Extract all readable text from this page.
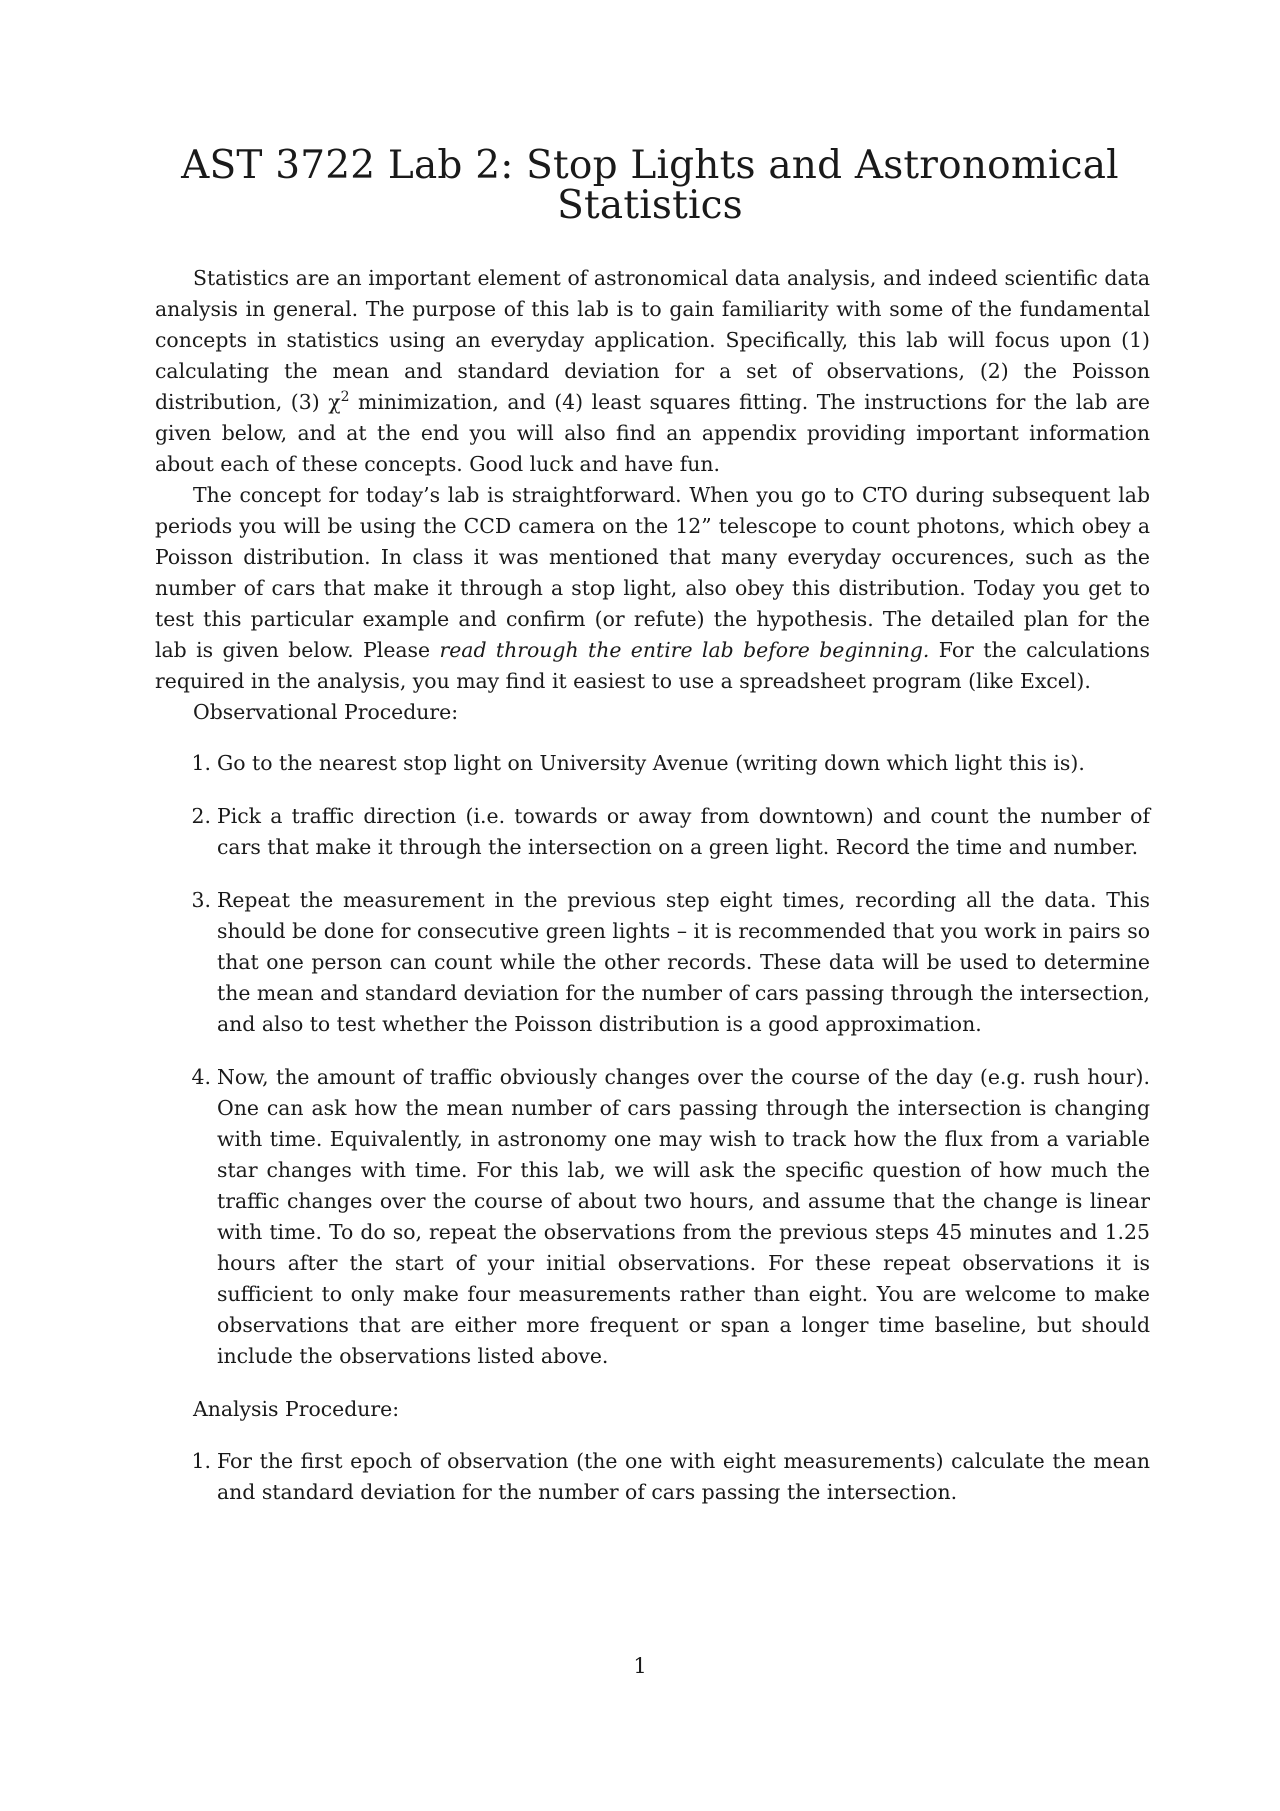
AST 3722 Lab 2: Stop Lights and Astronomical Statistics

Statistics are an important element of astronomical data analysis, and indeed scientific data analysis in general. The purpose of this lab is to gain familiarity with some of the fundamental concepts in statistics using an everyday application. Specifically, this lab will focus upon (1) calculating the mean and standard deviation for a set of observations, (2) the Poisson distribution, (3) $\chi^2$ minimization, and (4) least squares fitting. The instructions for the lab are given below, and at the end you will also find an appendix providing important information about each of these concepts. Good luck and have fun.

The concept for today’s lab is straightforward. When you go to CTO during subsequent lab periods you will be using the CCD camera on the 12” telescope to count photons, which obey a Poisson distribution. In class it was mentioned that many everyday occurences, such as the number of cars that make it through a stop light, also obey this distribution. Today you get to test this particular example and confirm (or refute) the hypothesis. The detailed plan for the lab is given below. Please read through the entire lab before beginning. For the calculations required in the analysis, you may find it easiest to use a spreadsheet program (like Excel).

Observational Procedure:

1. Go to the nearest stop light on University Avenue (writing down which light this is).
2. Pick a traffic direction (i.e. towards or away from downtown) and count the number of cars that make it through the intersection on a green light. Record the time and number.
3. Repeat the measurement in the previous step eight times, recording all the data. This should be done for consecutive green lights – it is recommended that you work in pairs so that one person can count while the other records. These data will be used to determine the mean and standard deviation for the number of cars passing through the intersection, and also to test whether the Poisson distribution is a good approximation.
4. Now, the amount of traffic obviously changes over the course of the day (e.g. rush hour). One can ask how the mean number of cars passing through the intersection is changing with time. Equivalently, in astronomy one may wish to track how the flux from a variable star changes with time. For this lab, we will ask the specific question of how much the traffic changes over the course of about two hours, and assume that the change is linear with time. To do so, repeat the observations from the previous steps 45 minutes and 1.25 hours after the start of your initial observations. For these repeat observations it is sufficient to only make four measurements rather than eight. You are welcome to make observations that are either more frequent or span a longer time baseline, but should include the observations listed above.

Analysis Procedure:

1. For the first epoch of observation (the one with eight measurements) calculate the mean and standard deviation for the number of cars passing the intersection.
1
